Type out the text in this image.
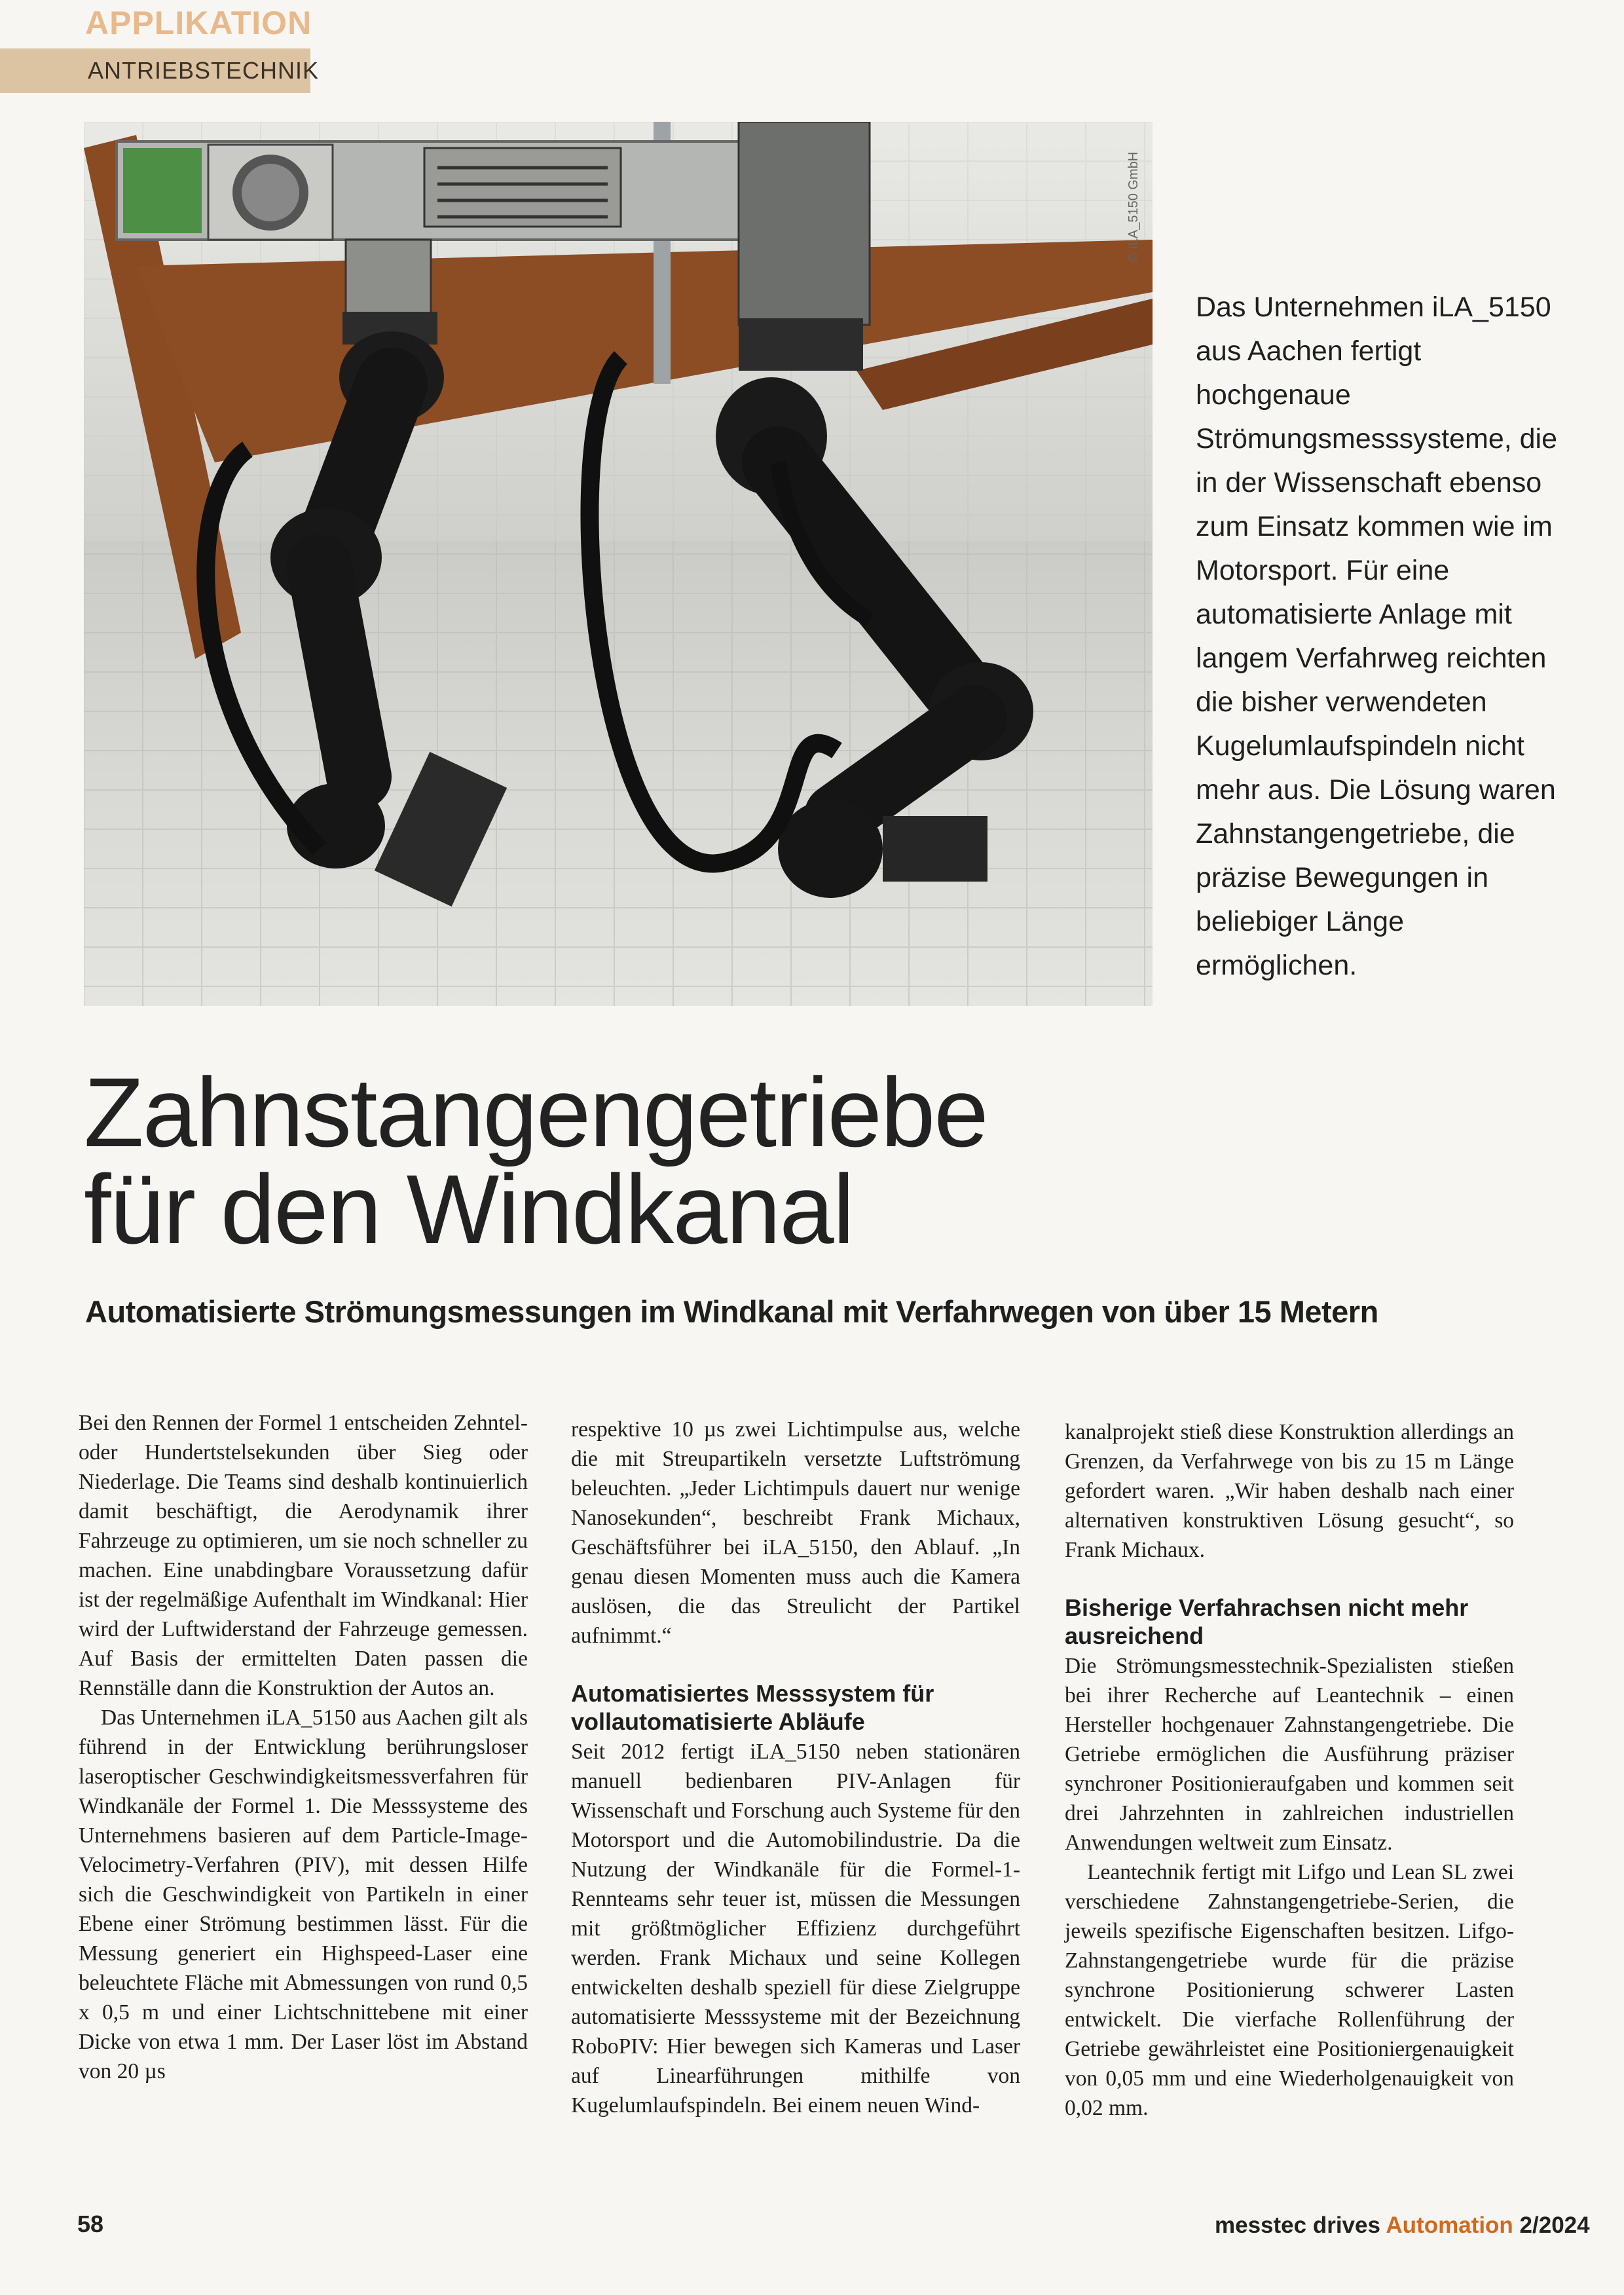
APPLIKATION
ANTRIEBSTECHNIK
© iLA_5150 GmbH
Das Unternehmen iLA_5150 aus Aachen fertigt hochgenaue Strömungsmesssysteme, die in der Wissenschaft ebenso zum Einsatz kommen wie im Motorsport. Für eine automatisierte Anlage mit langem Verfahrweg reichten die bisher verwendeten Kugelumlaufspindeln nicht mehr aus. Die Lösung waren Zahnstangengetriebe, die präzise Bewegungen in beliebiger Länge ermöglichen.
Zahnstangengetriebe
für den Windkanal
Automatisierte Strömungsmessungen im Windkanal mit Verfahrwegen von über 15 Metern

Bei den Rennen der Formel 1 entscheiden Zehntel- oder Hundertstelsekunden über Sieg oder Niederlage. Die Teams sind deshalb kontinuierlich damit beschäftigt, die Aerodynamik ihrer Fahrzeuge zu optimieren, um sie noch schneller zu machen. Eine unabdingbare Voraussetzung dafür ist der regelmäßige Aufenthalt im Windkanal: Hier wird der Luftwiderstand der Fahrzeuge gemessen. Auf Basis der ermittelten Daten passen die Rennställe dann die Konstruktion der Autos an.

Das Unternehmen iLA_5150 aus Aachen gilt als führend in der Entwicklung berührungsloser laseroptischer Geschwindigkeitsmessverfahren für Windkanäle der Formel 1. Die Messsysteme des Unternehmens basieren auf dem Particle-Image-Velocimetry-Verfahren (PIV), mit dessen Hilfe sich die Geschwindigkeit von Partikeln in einer Ebene einer Strömung bestimmen lässt. Für die Messung generiert ein Highspeed-Laser eine beleuchtete Fläche mit Abmessungen von rund 0,5 x 0,5 m und einer Lichtschnittebene mit einer Dicke von etwa 1 mm. Der Laser löst im Abstand von 20 µs

respektive 10 µs zwei Lichtimpulse aus, welche die mit Streupartikeln versetzte Luftströmung beleuchten. „Jeder Lichtimpuls dauert nur wenige Nanosekunden“, beschreibt Frank Michaux, Geschäftsführer bei iLA_5150, den Ablauf. „In genau diesen Momenten muss auch die Kamera auslösen, die das Streulicht der Partikel aufnimmt.“

Automatisiertes Messsystem für vollautomatisierte Abläufe

Seit 2012 fertigt iLA_5150 neben stationären manuell bedienbaren PIV-Anlagen für Wissenschaft und Forschung auch Systeme für den Motorsport und die Automobilindustrie. Da die Nutzung der Windkanäle für die Formel-1-Rennteams sehr teuer ist, müssen die Messungen mit größtmöglicher Effizienz durchgeführt werden. Frank Michaux und seine Kollegen entwickelten deshalb speziell für diese Zielgruppe automatisierte Messsysteme mit der Bezeichnung RoboPIV: Hier bewegen sich Kameras und Laser auf Linearführungen mithilfe von Kugelumlaufspindeln. Bei einem neuen Wind-

kanalprojekt stieß diese Konstruktion allerdings an Grenzen, da Verfahrwege von bis zu 15 m Länge gefordert waren. „Wir haben deshalb nach einer alternativen konstruktiven Lösung gesucht“, so Frank Michaux.

Bisherige Verfahrachsen nicht mehr ausreichend

Die Strömungsmesstechnik-Spezialisten stießen bei ihrer Recherche auf Leantechnik – einen Hersteller hochgenauer Zahnstangengetriebe. Die Getriebe ermöglichen die Ausführung präziser synchroner Positionieraufgaben und kommen seit drei Jahrzehnten in zahlreichen industriellen Anwendungen weltweit zum Einsatz.

Leantechnik fertigt mit Lifgo und Lean SL zwei verschiedene Zahnstangengetriebe-Serien, die jeweils spezifische Eigenschaften besitzen. Lifgo-Zahnstangengetriebe wurde für die präzise synchrone Positionierung schwerer Lasten entwickelt. Die vierfache Rollenführung der Getriebe gewährleistet eine Positioniergenauigkeit von 0,05 mm und eine Wiederholgenauigkeit von 0,02 mm.

58	messtec drives Automation 2/2024
